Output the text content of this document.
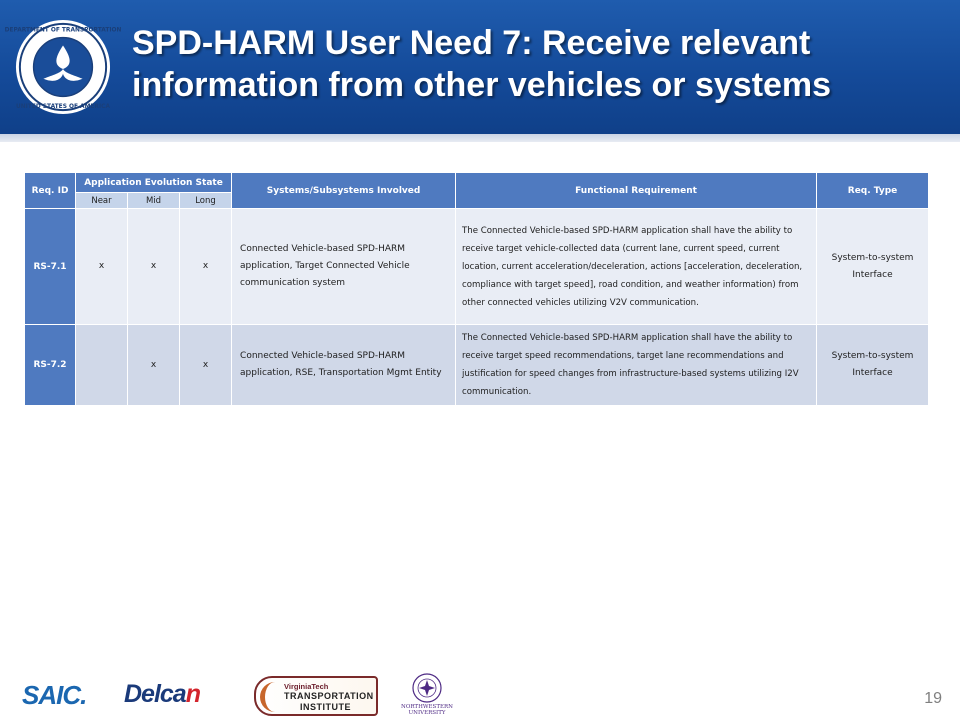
DEPARTMENT OF TRANSPORTATION
UNITED STATES OF AMERICA
SPD-HARM User Need 7: Receive relevant
information from other vehicles or systems
Req. ID	Application Evolution State			Systems/Subsystems Involved	Functional Requirement	Req. Type
	Near	Mid	Long			
RS-7.1	x	x	x	Connected Vehicle-based SPD-HARM application, Target Connected Vehicle communication system	The Connected Vehicle-based SPD-HARM application shall have the ability to receive target vehicle-collected data (current lane, current speed, current location, current acceleration/deceleration, actions [acceleration, deceleration, compliance with target speed], road condition, and weather information) from other connected vehicles utilizing V2V communication.	System-to-system Interface
RS-7.2		x	x	Connected Vehicle-based SPD-HARM application, RSE, Transportation Mgmt Entity	The Connected Vehicle-based SPD-HARM application shall have the ability to receive target speed recommendations, target lane recommendations and justification for speed changes from infrastructure-based systems utilizing I2V communication.	System-to-system Interface
SAIC. Delcan	VirginiaTech
TRANSPORTATION
INSTITUTE	NORTHWESTERN UNIVERSITY
19
